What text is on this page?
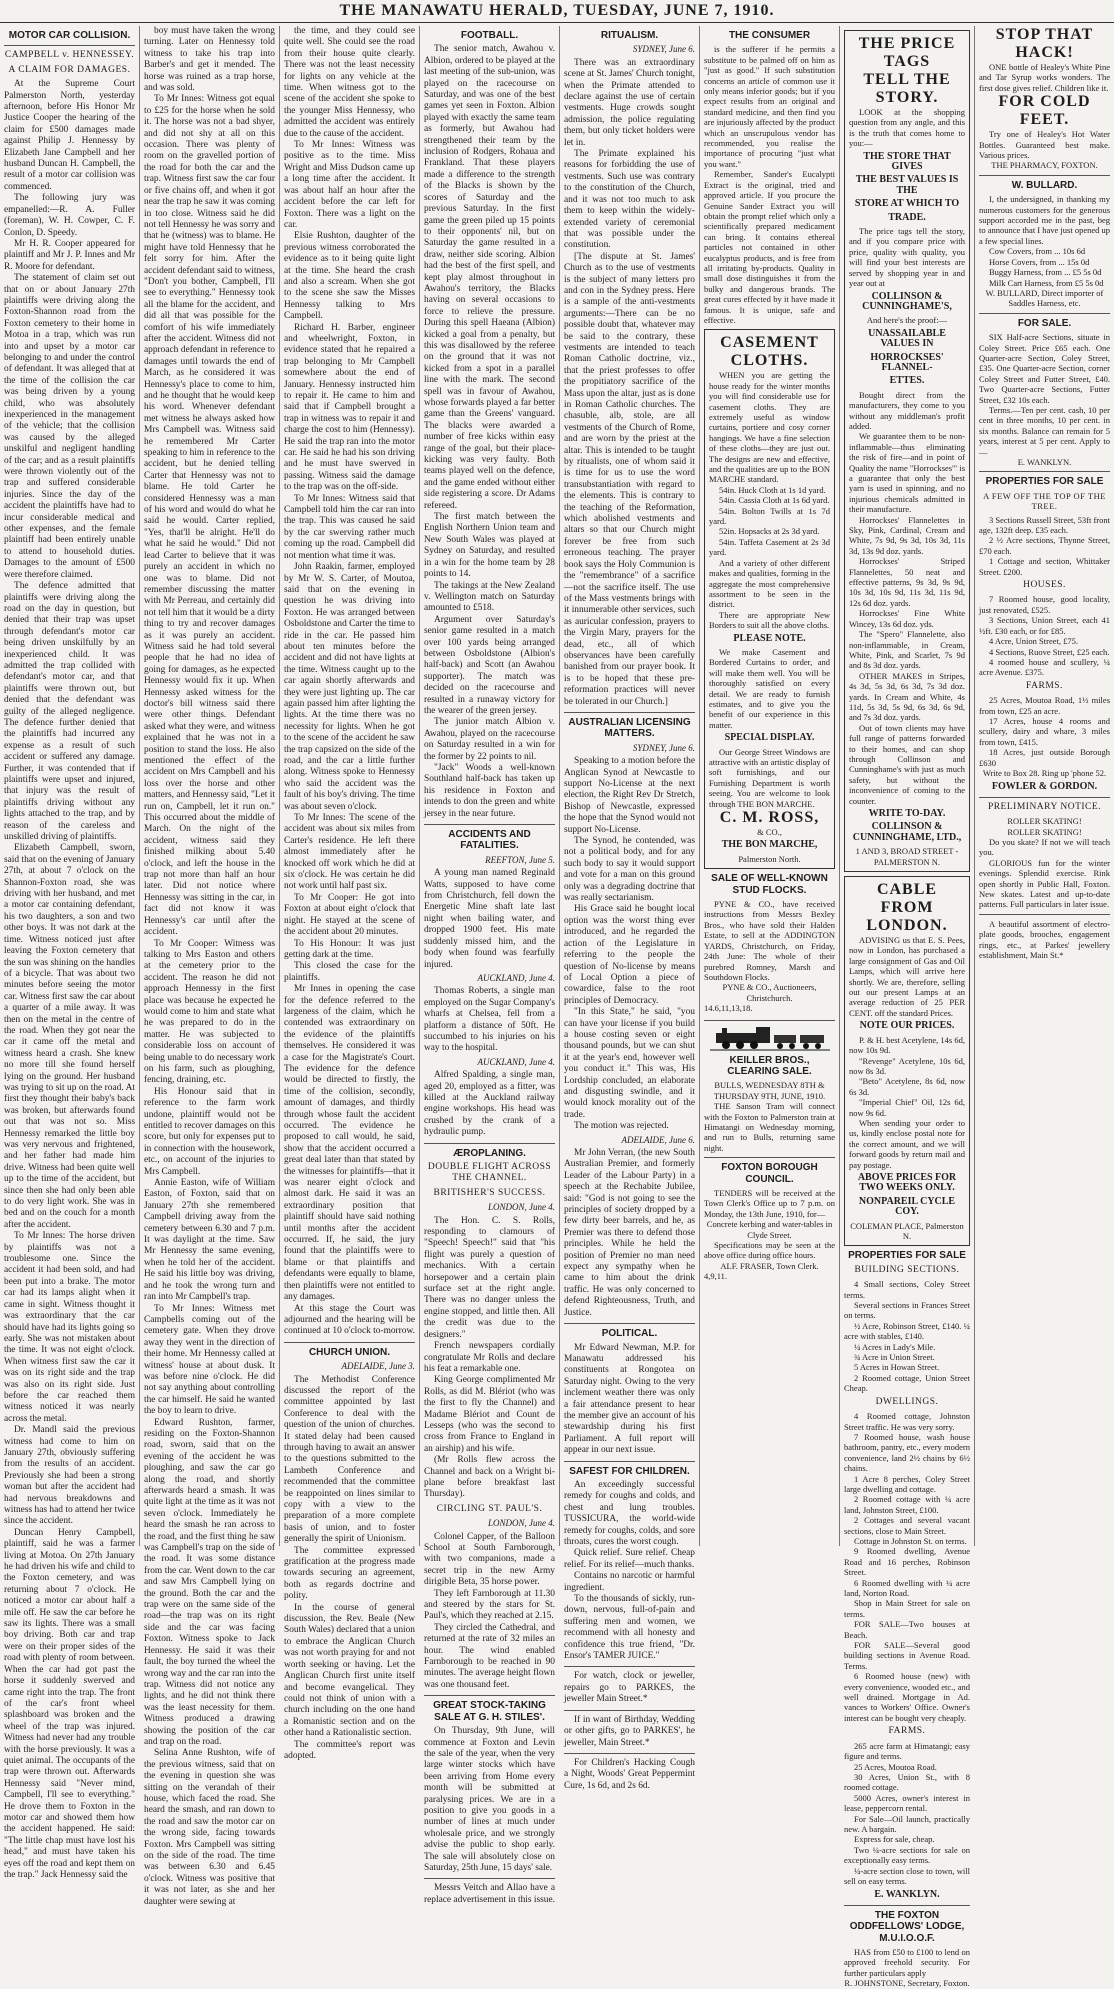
THE MANAWATU HERALD, TUESDAY, JUNE 7, 1910.
MOTOR CAR COLLISION.
CAMPBELL v. HENNESSEY.
A CLAIM FOR DAMAGES.
At the Supreme Court Palmerston North, yesterday afternoon, before His Honor Mr Justice Cooper the hearing of the claim for £500 damages made against Philip J. Hennessy by Elizabeth Jane Campbell and her husband Duncan H. Campbell, the result of a motor car collision was commenced.
The following jury was empanelled:—R. A. Fuller (foreman), W. H. Cowper, C. F. Conlon, D. Speedy.
Mr H. R. Cooper appeared for plaintiff and Mr J. P. Innes and Mr R. Moore for defendant.
The statement of claim set out that on or about January 27th plaintiffs were driving along the Foxton-Shannon road from the Foxton cemetery to their home in Motoa in a trap, which was run into and upset by a motor car belonging to and under the control of defendant. It was alleged that at the time of the collision the car was being driven by a young child, who was absolutely inexperienced in the management of the vehicle; that the collision was caused by the alleged unskilful and negligent handling of the car; and as a result plaintiffs were thrown violently out of the trap and suffered considerable injuries. Since the day of the accident the plaintiffs have had to incur considerable medical and other expenses, and the female plaintiff had been entirely unable to attend to household duties. Damages to the amount of £500 were therefore claimed.
The defence admitted that plaintiffs were driving along the road on the day in question, but denied that their trap was upset through defendant's motor car being driven unskilfully by an inexperienced child. It was admitted the trap collided with defendant's motor car, and that plaintiffs were thrown out, but denied that the defendant was guilty of the alleged negligence. The defence further denied that the plaintiffs had incurred any expense as a result of such accident or suffered any damage. Further, it was contended that if plaintiffs were upset and injured, that injury was the result of plaintiffs driving without any lights attached to the trap, and by reason of the careless and unskilled driving of plaintiffs.
Elizabeth Campbell, sworn, said that on the evening of January 27th, at about 7 o'clock on the Shannon-Foxton road, she was driving with her husband, and met a motor car containing defendant, his two daughters, a son and two other boys. It was not dark at the time. Witness noticed just after leaving the Foxton cemetery that the sun was shining on the handles of a bicycle. That was about two minutes before seeing the motor car. Witness first saw the car about a quarter of a mile away. It was then on the metal in the centre of the road. When they got near the car it came off the metal and witness heard a crash. She knew no more till she found herself lying on the ground. Her husband was trying to sit up on the road. At first they thought their baby's back was broken, but afterwards found out that was not so. Miss Hennessy remarked the little boy was very nervous and frightened, and her father had made him drive. Witness had been quite well up to the time of the accident, but since then she had only been able to do very light work. She was in bed and on the couch for a month after the accident.
To Mr Innes: The horse driven by plaintiffs was not a troublesome one. Since the accident it had been sold, and had been put into a brake. The motor car had its lamps alight when it came in sight. Witness thought it was extraordinary that the car should have had its lights going so early. She was not mistaken about the time. It was not eight o'clock. When witness first saw the car it was on its right side and the trap was also on its right side. Just before the car reached them witness noticed it was nearly across the metal.
Dr. Mandl said the previous witness had come to him on January 27th, obviously suffering from the results of an accident. Previously she had been a strong woman but after the accident had had nervous breakdowns and witness has had to attend her twice since the accident.
Duncan Henry Campbell, plaintiff, said he was a farmer living at Motoa. On 27th January he had driven his wife and child to the Foxton cemetery, and was returning about 7 o'clock. He noticed a motor car about half a mile off. He saw the car before he saw its lights. There was a small boy driving. Both car and trap were on their proper sides of the road with plenty of room between. When the car had got past the horse it suddenly swerved and came right into the trap. The front of the car's front wheel splashboard was broken and the wheel of the trap was injured. Witness had never had any trouble with the horse previously. It was a quiet animal. The occupants of the trap were thrown out. Afterwards Hennessy said "Never mind, Campbell, I'll see to everything." He drove them to Foxton in the motor car and showed them how the accident happened. He said: "The little chap must have lost his head," and must have taken his eyes off the road and kept them on the trap." Jack Hennessy said the
boy must have taken the wrong turning. Later on Hennessy told witness to take his trap into Barber's and get it mended. The horse was ruined as a trap horse, and was sold.
To Mr Innes: Witness got equal to £25 for the horse when he sold it. The horse was not a bad shyer, and did not shy at all on this occasion. There was plenty of room on the gravelled portion of the road for both the car and the trap. Witness first saw the car four or five chains off, and when it got near the trap he saw it was coming in too close. Witness said he did not tell Hennessy he was sorry and that he (witness) was to blame. He might have told Hennessy that he felt sorry for him. After the accident defendant said to witness, "Don't you bother, Campbell, I'll see to everything." Hennessy took all the blame for the accident, and did all that was possible for the comfort of his wife immediately after the accident. Witness did not approach defendant in reference to damages until towards the end of March, as he considered it was Hennessy's place to come to him, and he thought that he would keep his word. Whenever defendant met witness he always asked how Mrs Campbell was. Witness said he remembered Mr Carter speaking to him in reference to the accident, but he denied telling Carter that Hennessy was not to blame. He told Carter he considered Hennessy was a man of his word and would do what he said he would. Carter replied, "Yes, that'll be alright. He'll do what he said he would." Did not lead Carter to believe that it was purely an accident in which no one was to blame. Did not remember discussing the matter with Mr Perreau, and certainly did not tell him that it would be a dirty thing to try and recover damages as it was purely an accident. Witness said he had told several people that he had no idea of going for damages, as he expected Hennessy would fix it up. When Hennessy asked witness for the doctor's bill witness said there were other things. Defendant asked what they were, and witness explained that he was not in a position to stand the loss. He also mentioned the effect of the accident on Mrs Campbell and his loss over the horse and other matters, and Hennessy said, "Let it run on, Campbell, let it run on." This occurred about the middle of March. On the night of the accident, witness said they finished milking about 5.40 o'clock, and left the house in the trap not more than half an hour later. Did not notice where Hennessy was sitting in the car, in fact did not know it was Hennessy's car until after the accident.
To Mr Cooper: Witness was talking to Mrs Easton and others at the cemetery prior to the accident. The reason he did not approach Hennessy in the first place was because he expected he would come to him and state what he was prepared to do in the matter. He was subjected to considerable loss on account of being unable to do necessary work on his farm, such as ploughing, fencing, draining, etc.
His Honour said that in reference to the farm work undone, plaintiff would not be entitled to recover damages on this score, but only for expenses put to in connection with the housework, etc., on account of the injuries to Mrs Campbell.
Annie Easton, wife of William Easton, of Foxton, said that on January 27th she remembered Campbell driving away from the cemetery between 6.30 and 7 p.m. It was daylight at the time. Saw Mr Hennessy the same evening, when he told her of the accident. He said his little boy was driving, and he took the wrong turn and ran into Mr Campbell's trap.
To Mr Innes: Witness met Campbells coming out of the cemetery gate. When they drove away they went in the direction of their home. Mr Hennessy called at witness' house at about dusk. It was before nine o'clock. He did not say anything about controlling the car himself. He said he wanted the boy to learn to drive.
Edward Rushton, farmer, residing on the Foxton-Shannon road, sworn, said that on the evening of the accident he was ploughing, and saw the car go along the road, and shortly afterwards heard a smash. It was quite light at the time as it was not seven o'clock. Immediately he heard the smash he ran across to the road, and the first thing he saw was Campbell's trap on the side of the road. It was some distance from the car. Went down to the car and saw Mrs Campbell lying on the ground. Both the car and the trap were on the same side of the road—the trap was on its right side and the car was facing Foxton. Witness spoke to Jack Hennessy. He said it was their fault, the boy turned the wheel the wrong way and the car ran into the trap. Witness did not notice any lights, and he did not think there was the least necessity for them. Witness produced a drawing showing the position of the car and trap on the road.
Selina Anne Rushton, wife of the previous witness, said that on the evening in question she was sitting on the verandah of their house, which faced the road. She heard the smash, and ran down to the road and saw the motor car on the wrong side, facing towards Foxton. Mrs Campbell was sitting on the side of the road. The time was between 6.30 and 6.45 o'clock. Witness was positive that it was not later, as she and her daughter were sewing at
the time, and they could see quite well. She could see the road from their house quite clearly. There was not the least necessity for lights on any vehicle at the time. When witness got to the scene of the accident she spoke to the younger Miss Hennessy, who admitted the accident was entirely due to the cause of the accident.
To Mr Innes: Witness was positive as to the time. Miss Wright and Miss Dudson came up a long time after the accident. It was about half an hour after the accident before the car left for Foxton. There was a light on the car.
Elsie Rushton, daughter of the previous witness corroborated the evidence as to it being quite light at the time. She heard the crash and also a scream. When she got to the scene she saw the Misses Hennessy talking to Mrs Campbell.
Richard H. Barber, engineer and wheelwright, Foxton, in evidence stated that he repaired a trap belonging to Mr Campbell somewhere about the end of January. Hennessy instructed him to repair it. He came to him and said that if Campbell brought a trap in witness was to repair it and charge the cost to him (Hennessy). He said the trap ran into the motor car. He said he had his son driving and he must have swerved in passing. Witness said the damage to the trap was on the off-side.
To Mr Innes: Witness said that Campbell told him the car ran into the trap. This was caused he said by the car swerving rather much coming up the road. Campbell did not mention what time it was.
John Raakin, farmer, employed by Mr W. S. Carter, of Moutoa, said that on the evening in question he was driving into Foxton. He was arranged between Osboldstone and Carter the time to ride in the car. He passed him about ten minutes before the accident and did not have lights at the time. Witness caught up to the car again shortly afterwards and they were just lighting up. The car again passed him after lighting the lights. At the time there was no necessity for lights. When he got to the scene of the accident he saw the trap capsized on the side of the road, and the car a little further along. Witness spoke to Hennessy who said the accident was the fault of his boy's driving. The time was about seven o'clock.
To Mr Innes: The scene of the accident was about six miles from Carter's residence. He left there almost immediately after he knocked off work which he did at six o'clock. He was certain he did not work until half past six.
To Mr Cooper: He got into Foxton at about eight o'clock that night. He stayed at the scene of the accident about 20 minutes.
To His Honour: It was just getting dark at the time.
This closed the case for the plaintiffs.
Mr Innes in opening the case for the defence referred to the largeness of the claim, which he contended was extraordinary on the evidence of the plaintiffs themselves. He considered it was a case for the Magistrate's Court. The evidence for the defence would be directed to firstly, the time of the collision, secondly, amount of damages, and thirdly through whose fault the accident occurred. The evidence he proposed to call would, he said, show that the accident occurred a great deal later than that stated by the witnesses for plaintiffs—that it was nearer eight o'clock and almost dark. He said it was an extraordinary position that plaintiff should have said nothing until months after the accident occurred. If, he said, the jury found that the plaintiffs were to blame or that plaintiffs and defendants were equally to blame, then plaintiffs were not entitled to any damages.
At this stage the Court was adjourned and the hearing will be continued at 10 o'clock to-morrow.
CHURCH UNION.
ADELAIDE, June 3.
The Methodist Conference discussed the report of the committee appointed by last Conference to deal with the question of the union of churches. It stated delay had been caused through having to await an answer to the questions submitted to the Lambeth Conference and recommended that the committee be reappointed on lines similar to copy with a view to the preparation of a more complete basis of union, and to foster generally the spirit of Unionism.
The committee expressed gratification at the progress made towards securing an agreement, both as regards doctrine and polity.
In the course of general discussion, the Rev. Beale (New South Wales) declared that a union to embrace the Anglican Church was not worth praying for and not worth seeking or having. Let the Anglican Church first unite itself and become evangelical. They could not think of union with a church including on the one hand a Romanistic section and on the other hand a Rationalistic section.
The committee's report was adopted.
FOOTBALL.
The senior match, Awahou v. Albion, ordered to be played at the last meeting of the sub-union, was played on the racecourse on Saturday, and was one of the best games yet seen in Foxton. Albion played with exactly the same team as formerly, but Awahou had strengthened their team by the inclusion of Rodgers, Rohaua and Frankland. That these players made a difference to the strength of the Blacks is shown by the scores of Saturday and the previous Saturday. In the first game the green piled up 15 points to their opponents' nil, but on Saturday the game resulted in a draw, neither side scoring. Albion had the best of the first spell, and kept play almost throughout in Awahou's territory, the Blacks having on several occasions to force to relieve the pressure. During this spell Haeana (Albion) kicked a goal from a penalty, but this was disallowed by the referee on the ground that it was not kicked from a spot in a parallel line with the mark. The second spell was in favour of Awahou, whose forwards played a far better game than the Greens' vanguard. The blacks were awarded a number of free kicks within easy range of the goal, but their place-kicking was very faulty. Both teams played well on the defence, and the game ended without either side registering a score. Dr Adams refereed.
The first match between the English Northern Union team and New South Wales was played at Sydney on Saturday, and resulted in a win for the home team by 28 points to 14.
The takings at the New Zealand v. Wellington match on Saturday amounted to £518.
Argument over Saturday's senior game resulted in a match over 100 yards being arranged between Osboldstone (Albion's half-back) and Scott (an Awahou supporter). The match was decided on the racecourse and resulted in a runaway victory for the wearer of the green jersey.
The junior match Albion v. Awahou, played on the racecourse on Saturday resulted in a win for the former by 22 points to nil.
"Jack" Woods a well-known Southland half-back has taken up his residence in Foxton and intends to don the green and white jersey in the near future.
ACCIDENTS AND FATALITIES.
REEFTON, June 5.
A young man named Reginald Watts, supposed to have come from Christchurch, fell down the Energetic Mine shaft late last night when bailing water, and dropped 1900 feet. His mate suddenly missed him, and the body when found was fearfully injured.
AUCKLAND, June 4.
Thomas Roberts, a single man employed on the Sugar Company's wharfs at Chelsea, fell from a platform a distance of 50ft. He succumbed to his injuries on his way to the hospital.
AUCKLAND, June 4.
Alfred Spalding, a single man, aged 20, employed as a fitter, was killed at the Auckland railway engine workshops. His head was crushed by the crank of a hydraulic pump.
ÆROPLANING.
DOUBLE FLIGHT ACROSS THE CHANNEL.
BRITISHER'S SUCCESS.
LONDON, June 4.
The Hon. C. S. Rolls, responding to clamours of "Speech! Speech!" said that "his flight was purely a question of mechanics. With a certain horsepower and a certain plain surface set at the right angle. There was no danger unless the engine stopped, and little then. All the credit was due to the designers."
French newspapers cordially congratulate Mr Rolls and declare his feat a remarkable one.
King George complimented Mr Rolls, as did M. Blériot (who was the first to fly the Channel) and Madame Blériot and Count de Lesseps (who was the second to cross from France to England in an airship) and his wife.
(Mr Rolls flew across the Channel and back on a Wright bi-plane before breakfast last Thursday).
CIRCLING ST. PAUL'S.
LONDON, June 4.
Colonel Capper, of the Balloon School at South Farnborough, with two companions, made a secret trip in the new Army dirigible Beta, 35 horse power.
They left Farnborough at 11.30 and steered by the stars for St. Paul's, which they reached at 2.15.
They circled the Cathedral, and returned at the rate of 32 miles an hour. The wind enabled Farnborough to be reached in 90 minutes. The average height flown was one thousand feet.
GREAT STOCK-TAKING SALE AT G. H. STILES'.
On Thursday, 9th June, will commence at Foxton and Levin the sale of the year, when the very large winter stocks which have been arriving from Home every month will be submitted at paralysing prices. We are in a position to give you goods in a number of lines at much under wholesale price, and we strongly advise the public to shop early. The sale will absolutely close on Saturday, 25th June, 15 days' sale.
Messrs Veitch and Allao have a replace advertisement in this issue.
RITUALISM.
SYDNEY, June 6.
There was an extraordinary scene at St. James' Church tonight, when the Primate attended to declare against the use of certain vestments. Huge crowds sought admission, the police regulating them, but only ticket holders were let in.
The Primate explained his reasons for forbidding the use of vestments. Such use was contrary to the constitution of the Church, and it was not too much to ask them to keep within the widely-extended variety of ceremonial that was possible under the constitution.
[The dispute at St. James' Church as to the use of vestments is the subject of many letters pro and con in the Sydney press. Here is a sample of the anti-vestments arguments:—There can be no possible doubt that, whatever may be said to the contrary, these vestments are intended to teach Roman Catholic doctrine, viz., that the priest professes to offer the propitiatory sacrifice of the Mass upon the altar, just as is done in Roman Catholic churches. The chasuble, alb, stole, are all vestments of the Church of Rome, and are worn by the priest at the altar. This is intended to be taught by ritualists, one of whom said it is time for us to use the word transubstantiation with regard to the elements. This is contrary to the teaching of the Reformation, which abolished vestments and altars so that our Church might forever be free from such erroneous teaching. The prayer book says the Holy Communion is the "remembrance" of a sacrifice—not the sacrifice itself. The use of the Mass vestments brings with it innumerable other services, such as auricular confession, prayers to the Virgin Mary, prayers for the dead, etc., all of which observances have been carefully banished from our prayer book. It is to be hoped that these pre-reformation practices will never be tolerated in our Church.]
AUSTRALIAN LICENSING MATTERS.
SYDNEY, June 6.
Speaking to a motion before the Anglican Synod at Newcastle to support No-License at the next election, the Right Rev Dr Stretch, Bishop of Newcastle, expressed the hope that the Synod would not support No-License.
The Synod, he contended, was not a political body, and for any such body to say it would support and vote for a man on this ground only was a degrading doctrine that was really sectarianism.
His Grace said he bought local option was the worst thing ever introduced, and he regarded the action of the Legislature in referring to the people the question of No-license by means of Local Option a piece of cowardice, false to the root principles of Democracy.
"In this State," he said, "you can have your license if you build a house costing seven or eight thousand pounds, but we can shut it at the year's end, however well you conduct it." This was, His Lordship concluded, an elaborate and disgusting swindle, and it would knock morality out of the trade.
The motion was rejected.
ADELAIDE, June 6.
Mr John Verran, (the new South Australian Premier, and formerly Leader of the Labour Party) in a speech at the Rechabite Jubilee, said: "God is not going to see the principles of society dropped by a few dirty beer barrels, and he, as Premier was there to defend those principles. While he held the position of Premier no man need expect any sympathy when he came to him about the drink traffic. He was only concerned to defend Righteousness, Truth, and Justice.
POLITICAL.
Mr Edward Newman, M.P. for Manawatu addressed his constituents at Rongotea on Saturday night. Owing to the very inclement weather there was only a fair attendance present to hear the member give an account of his stewardship during his first Parliament. A full report will appear in our next issue.
SAFEST FOR CHILDREN.
An exceedingly successful remedy for coughs and colds, and chest and lung troubles. TUSSICURA, the world-wide remedy for coughs, colds, and sore throats, cures the worst cough.
Quick relief. Sure relief. Cheap relief. For its relief—much thanks.
Contains no narcotic or harmful ingredient.
To the thousands of sickly, run-down, nervous, full-of-pain and suffering men and women, we recommend with all honesty and confidence this true friend, "Dr. Ensor's TAMER JUICE."
For watch, clock or jeweller, repairs go to PARKES, the jeweller Main Street.*
If in want of Birthday, Wedding or other gifts, go to PARKES', he jeweller, Main Street.*
For Children's Hacking Cough a Night, Woods' Great Peppermint Cure, 1s 6d, and 2s 6d.
THE CONSUMER
is the sufferer if he permits a substitute to be palmed off on him as "just as good." If such substitution concerns an article of common use it only means inferior goods; but if you expect results from an original and standard medicine, and then find you are injuriously affected by the product which an unscrupulous vendor has recommended, you realise the importance of procuring "just what you want."
Remember, Sander's Eucalypti Extract is the original, tried and approved article. If you procure the Genuine Sander Extract you will obtain the prompt relief which only a scientifically prepared medicament can bring. It contains ethereal particles not contained in other eucalyptus products, and is free from all irritating by-products. Quality in small dose distinguishes it from the bulky and dangerous brands. The great cures effected by it have made it famous. It is unique, safe and effective.
CASEMENT
CLOTHS.
WHEN you are getting the house ready for the winter months you will find considerable use for casement cloths. They are extremely useful as window curtains, portiere and cosy corner hangings. We have a fine selection of these cloths—they are just out. The designs are new and effective, and the qualities are up to the BON MARCHE standard.
54in. Huck Cloth at 1s 1d yard.
54in. Cassia Cloth at 1s 6d yard.
54in. Bolton Twills at 1s 7d yard.
52in. Hopsacks at 2s 3d yard.
54in. Taffeta Casement at 2s 3d yard.
And a variety of other different makes and qualities, forming in the aggregate the most comprehensive assortment to be seen in the district.
There are appropriate New Borders to suit all the above cloths.
PLEASE NOTE.
We make Casement and Bordered Curtains to order, and will make them well. You will be thoroughly satisfied on every detail. We are ready to furnish estimates, and to give you the benefit of our experience in this matter.
SPECIAL DISPLAY.
Our George Street Windows are attractive with an artistic display of soft furnishings, and our Furnishing Department is worth seeing. You are welcome to look through THE BON MARCHE.
C. M. ROSS,
& CO.,
THE BON MARCHE,
Palmerston North.
SALE OF WELL-KNOWN STUD FLOCKS.
PYNE & CO., have received instructions from Messrs Bexley Bros., who have sold their Halden Estate, to sell at the ADDINGTON YARDS, Christchurch, on Friday, 24th June: The whole of their purebred Romney, Marsh and Southdown Flocks.
PYNE & CO., Auctioneers, Christchurch.
14.6,11,13,18.
KEILLER BROS., CLEARING SALE.
BULLS, WEDNESDAY 8TH & THURSDAY 9TH, JUNE, 1910.
THE Sanson Tram will connect with the Foxton to Palmerston train at Himatangi on Wednesday morning, and run to Bulls, returning same night.
FOXTON BOROUGH COUNCIL.
TENDERS will be received at the Town Clerk's Office up to 7 p.m. on Monday, the 13th June, 1910, for—
Concrete kerbing and water-tables in Clyde Street.
Specifications may be seen at the above office during office hours.
ALF. FRASER, Town Clerk.
4,9,11.
THE PRICE TAGS
TELL THE STORY.
LOOK at the shopping question from any angle, and this is the truth that comes home to you:—
THE STORE THAT GIVES
THE BEST VALUES IS THE
STORE AT WHICH TO
TRADE.
The price tags tell the story, and if you compare price with price, quality with quality, you will find your best interests are served by shopping year in and year out at
COLLINSON & CUNNINGHAME'S,
And here's the proof:—
UNASSAILABLE VALUES IN
HORROCKSES' FLANNEL-
ETTES.
Bought direct from the manufacturers, they come to you without any middleman's profit added.
We guarantee them to be non-inflammable—thus eliminating the risk of fire—and in point of Quality the name "Horrockses'" is a guarantee that only the best yarn is used in spinning, and no injurious chemicals admitted in their manufacture.
Horrockses' Flannelettes in Sky, Pink, Cardinal, Cream and White, 7s 9d, 9s 3d, 10s 3d, 11s 3d, 13s 9d doz. yards.
Horrockses' Striped Flannelettes, 50 neat and effective patterns, 9s 3d, 9s 9d, 10s 3d, 10s 9d, 11s 3d, 11s 9d, 12s 6d doz. yards.
Horrockses' Fine White Wincey, 13s 6d doz. yds.
The "Spero" Flannelette, also non-inflammable, in Cream, White, Pink, and Scarlet, 7s 9d and 8s 3d doz. yards.
OTHER MAKES in Stripes, 4s 3d, 5s 3d, 6s 3d, 7s 3d doz. yards. In Cream and White, 4s 11d, 5s 3d, 5s 9d, 6s 3d, 6s 9d, and 7s 3d doz. yards.
Out of town clients may have full range of patterns forwarded to their homes, and can shop through Collinson and Cunninghame's with just as much safety, but without the inconvenience of coming to the counter.
WRITE TO-DAY.
COLLINSON & CUNNINGHAME, LTD.,
1 AND 3, BROAD STREET - PALMERSTON N.
CABLE FROM
LONDON.
ADVISING us that E. S. Pees, now in London, has purchased a large consignment of Gas and Oil Lamps, which will arrive here shortly. We are, therefore, selling out our present Lamps at an average reduction of 25 PER CENT. off the standard Prices.
NOTE OUR PRICES.
P. & H. best Acetylene, 14s 6d, now 10s 9d.
"Revenge" Acetylene, 10s 6d, now 8s 3d.
"Beto" Acetylene, 8s 6d, now 6s 3d.
"Imperial Chief" Oil, 12s 6d, now 9s 6d.
When sending your order to us, kindly enclose postal note for the correct amount, and we will forward goods by return mail and pay postage.
ABOVE PRICES FOR TWO WEEKS ONLY.
NONPAREIL CYCLE COY.
COLEMAN PLACE, Palmerston N.
PROPERTIES FOR SALE
BUILDING SECTIONS.
4 Small sections, Coley Street terms.
Several sections in Frances Street on terms.
½ Acre, Robinson Street, £140. ¼ acre with stables, £140.
¼ Acres in Lady's Mile.
¾ Acre in Union Street.
5 Acres in Howan Street.
2 Roomed cottage, Union Street Cheap.
DWELLINGS.
4 Roomed cottage, Johnston Street traffic. He was very sorry.
7 Roomed house, wash house bathroom, pantry, etc., every modern convenience, land 2½ chains by 6½ chains.
1 Acre 8 perches, Coley Street large dwelling and cottage.
2 Roomed cottage with ¼ acre land, Johnston Street, £100.
2 Cottages and several vacant sections, close to Main Street.
Cottage in Johnston St. on terms.
9 Roomed dwelling, Avenue Road and 16 perches, Robinson Street.
6 Roomed dwelling with ¼ acre land, Norton Road.
Shop in Main Street for sale on terms.
FOR SALE—Two houses at Beach.
FOR SALE—Several good building sections in Avenue Road. Terms.
6 Roomed house (new) with every convenience, wooded etc., and well drained. Mortgage in Ad. vances to Workers' Office. Owner's interest can be bought very cheaply.
FARMS.
265 acre farm at Himatangi; easy figure and terms.
25 Acres, Moutoa Road.
30 Acres, Union St., with 8 roomed cottage.
5000 Acres, owner's interest in lease, peppercorn rental.
For Sale—Oil launch, practically new. A bargain.
Express for sale, cheap.
Two ¼-acre sections for sale on exceptionally easy terms.
¼-acre section close to town, will sell on easy terms.
E. WANKLYN.
THE FOXTON ODDFELLOWS' LODGE, M.U.I.O.O.F.
HAS from £50 to £100 to lend on approved freehold security. For further particulars apply
R. JOHNSTONE, Secretary, Foxton.
STOP THAT
HACK!
ONE bottle of Healey's White Pine and Tar Syrup works wonders. The first dose gives relief. Children like it.
FOR COLD
FEET.
Try one of Healey's Hot Water Bottles. Guaranteed best make. Various prices.
THE PHARMACY, FOXTON.
W. BULLARD.
I, the undersigned, in thanking my numerous customers for the generous support accorded me in the past, beg to announce that I have just opened up a few special lines.
Cow Covers, from ... 10s 6d
Horse Covers, from ... 15s 0d
Buggy Harness, from ... £5 5s 0d
Milk Cart Harness, from £5 5s 0d
W. BULLARD, Direct importer of Saddles Harness, etc.
FOR SALE.
SIX Half-acre Sections, situate in Coley Street. Price £65 each. One Quarter-acre Section, Coley Street, £35. One Quarter-acre Section, corner Coley Street and Futter Street, £40. Two Quarter-acre Sections, Futter Street, £32 10s each.
Terms.—Ten per cent. cash, 10 per cent in three months, 10 per cent. in six months. Balance can remain for 5 years, interest at 5 per cent. Apply to—
E. WANKLYN.
PROPERTIES FOR SALE
A FEW OFF THE TOP OF THE TREE.
3 Sections Russell Street, 53ft front age, 132ft deep. £35 each.
2 ½ Acre sections, Thynne Street, £70 each.
1 Cottage and section, Whittaker Street. £200.
HOUSES.
7 Roomed house, good locality, just renovated, £525.
3 Sections, Union Street, each 41 ½ft. £30 each, or for £85.
4 Acre, Union Street, £75.
4 Sections, Ruove Street, £25 each.
4 roomed house and scullery, ¼ acre Avenue. £375.
FARMS.
25 Acres, Moutoa Road, 1½ miles from town, £25 an acre.
17 Acres, house 4 rooms and scullery, dairy and whare, 3 miles from town, £415.
18 Acres, just outside Borough £630
Write to Box 28. Ring up 'phone 52.
FOWLER & GORDON.
PRELIMINARY NOTICE.
ROLLER SKATING!
ROLLER SKATING!
Do you skate? If not we will teach you.
GLORIOUS fun for the winter evenings. Splendid exercise. Rink open shortly in Public Hall, Foxton. New skates. Latest and up-to-date patterns. Full particulars in later issue.
A beautiful assortment of electro-plate goods, brooches, engagement rings, etc., at Parkes' jewellery establishment, Main St.*
